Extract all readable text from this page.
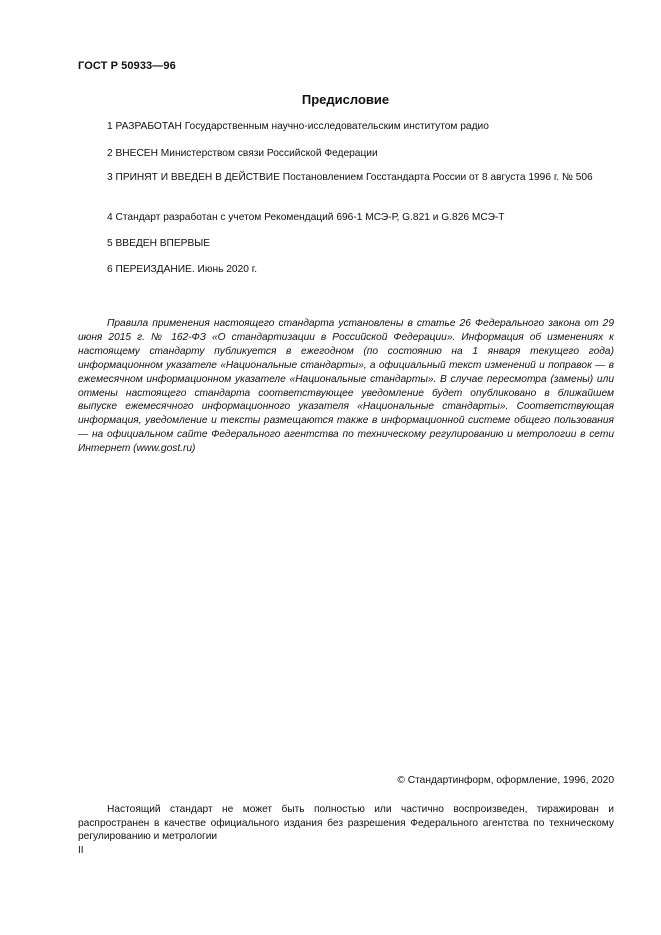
ГОСТ Р 50933—96
Предисловие
1 РАЗРАБОТАН Государственным научно-исследовательским институтом радио
2 ВНЕСЕН Министерством связи Российской Федерации
3 ПРИНЯТ И ВВЕДЕН В ДЕЙСТВИЕ Постановлением Госстандарта России от 8 августа 1996 г. № 506
4 Стандарт разработан с учетом Рекомендаций 696-1 МСЭ-Р, G.821 и G.826 МСЭ-Т
5 ВВЕДЕН ВПЕРВЫЕ
6 ПЕРЕИЗДАНИЕ. Июнь 2020 г.
Правила применения настоящего стандарта установлены в статье 26 Федерального закона от 29 июня 2015 г. № 162-ФЗ «О стандартизации в Российской Федерации». Информация об изменениях к настоящему стандарту публикуется в ежегодном (по состоянию на 1 января текущего года) информационном указателе «Национальные стандарты», а официальный текст изменений и поправок — в ежемесячном информационном указателе «Национальные стандарты». В случае пересмотра (замены) или отмены настоящего стандарта соответствующее уведомление будет опубликовано в ближайшем выпуске ежемесячного информационного указателя «Национальные стандарты». Соответствующая информация, уведомление и тексты размещаются также в информационной системе общего пользования — на официальном сайте Федерального агентства по техническому регулированию и метрологии в сети Интернет (www.gost.ru)
© Стандартинформ, оформление, 1996, 2020
Настоящий стандарт не может быть полностью или частично воспроизведен, тиражирован и распространен в качестве официального издания без разрешения Федерального агентства по техническому регулированию и метрологии
II
